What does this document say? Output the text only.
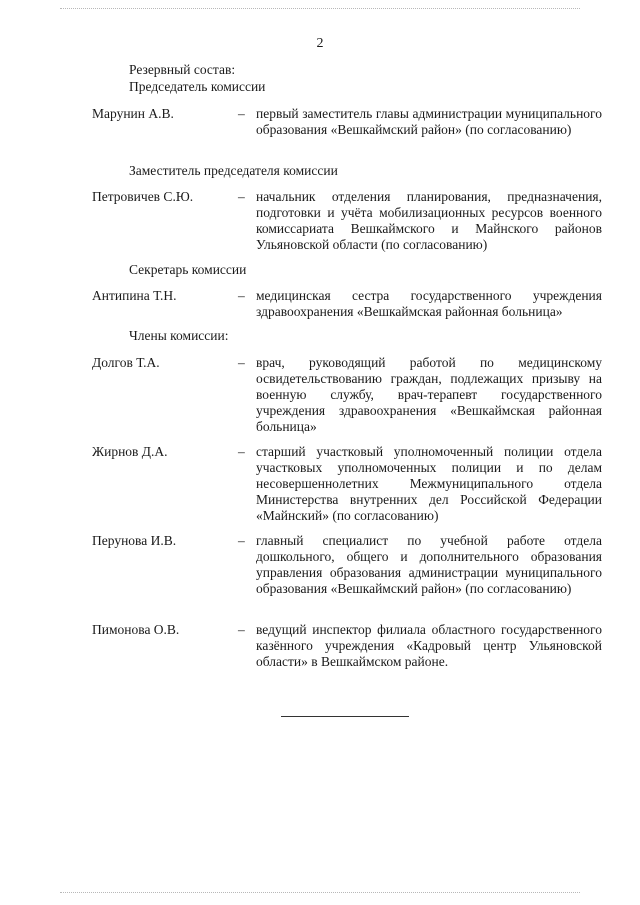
2
Резервный состав:
Председатель комиссии
Марунин А.В.	– первый заместитель главы администрации муниципального образования «Вешкаймский район» (по согласованию)
Заместитель председателя комиссии
Петровичев С.Ю.	– начальник отделения планирования, предназначения, подготовки и учёта мобилизационных ресурсов военного комиссариата Вешкаймского и Майнского районов Ульяновской области (по согласованию)
Секретарь комиссии
Антипина Т.Н.	– медицинская сестра государственного учреждения здравоохранения «Вешкаймская районная больница»
Члены комиссии:
Долгов Т.А.	– врач, руководящий работой по медицинскому освидетельствованию граждан, подлежащих призыву на военную службу, врач-терапевт государственного учреждения здравоохранения «Вешкаймская районная больница»
Жирнов Д.А.	– старший участковый уполномоченный полиции отдела участковых уполномоченных полиции и по делам несовершеннолетних Межмуниципального отдела Министерства внутренних дел Российской Федерации «Майнский» (по согласованию)
Перунова И.В.	– главный специалист по учебной работе отдела дошкольного, общего и дополнительного образования управления образования администрации муниципального образования «Вешкаймский район» (по согласованию)
Пимонова О.В.	– ведущий инспектор филиала областного государственного казённого учреждения «Кадровый центр Ульяновской области» в Вешкаймском районе.
